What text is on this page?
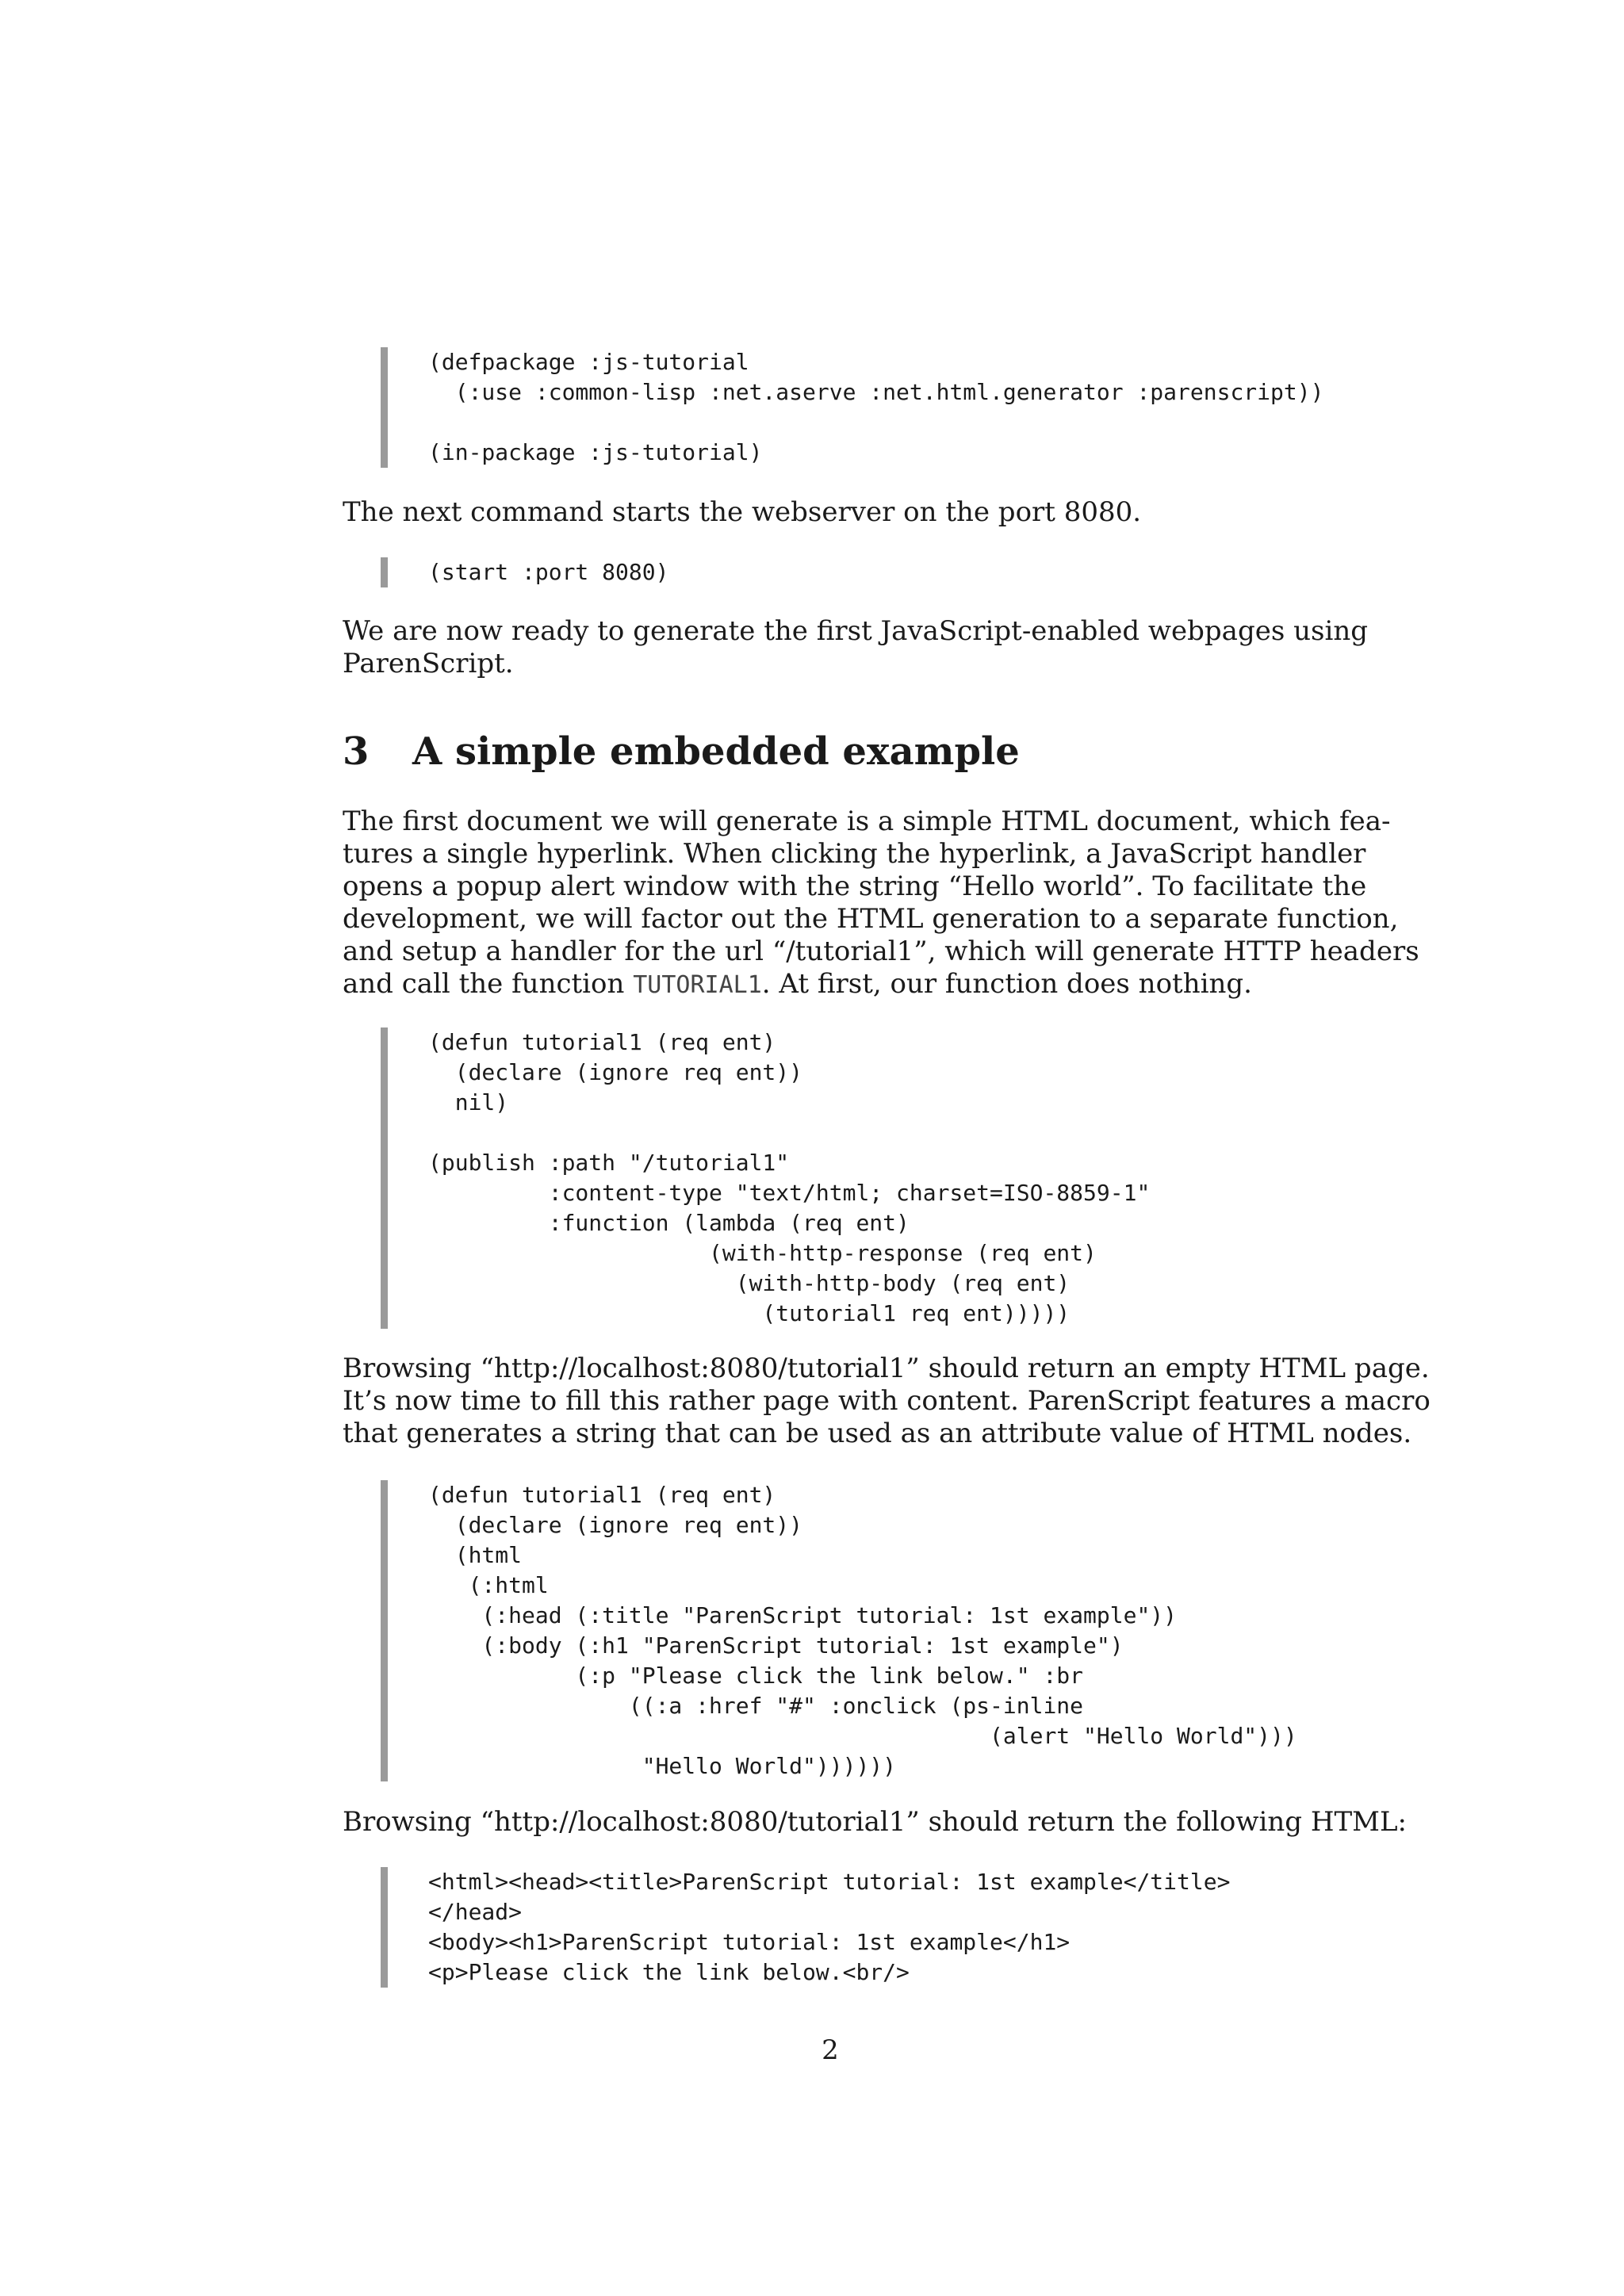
(defpackage :js-tutorial
(:use :common-lisp :net.aserve :net.html.generator :parenscript))
(in-package :js-tutorial)
The next command starts the webserver on the port 8080.
(start :port 8080)
We are now ready to generate the first JavaScript-enabled webpages using
ParenScript.
3 A simple embedded example
The first document we will generate is a simple HTML document, which fea-
tures a single hyperlink. When clicking the hyperlink, a JavaScript handler
opens a popup alert window with the string “Hello world”. To facilitate the
development, we will factor out the HTML generation to a separate function,
and setup a handler for the url “/tutorial1”, which will generate HTTP headers
and call the function TUTORIAL1. At first, our function does nothing.
(defun tutorial1 (req ent)
(declare (ignore req ent))
nil)
(publish :path "/tutorial1"
:content-type "text/html; charset=ISO-8859-1"
:function (lambda (req ent)
(with-http-response (req ent)
(with-http-body (req ent)
(tutorial1 req ent)))))
Browsing “http://localhost:8080/tutorial1” should return an empty HTML page.
It’s now time to fill this rather page with content. ParenScript features a macro
that generates a string that can be used as an attribute value of HTML nodes.
(defun tutorial1 (req ent)
(declare (ignore req ent))
(html
(:html
(:head (:title "ParenScript tutorial: 1st example"))
(:body (:h1 "ParenScript tutorial: 1st example")
(:p "Please click the link below." :br
((:a :href "#" :onclick (ps-inline
(alert "Hello World")))
"Hello World"))))))
Browsing “http://localhost:8080/tutorial1” should return the following HTML:
<html><head><title>ParenScript tutorial: 1st example</title>
</head>
<body><h1>ParenScript tutorial: 1st example</h1>
<p>Please click the link below.<br/>
2
